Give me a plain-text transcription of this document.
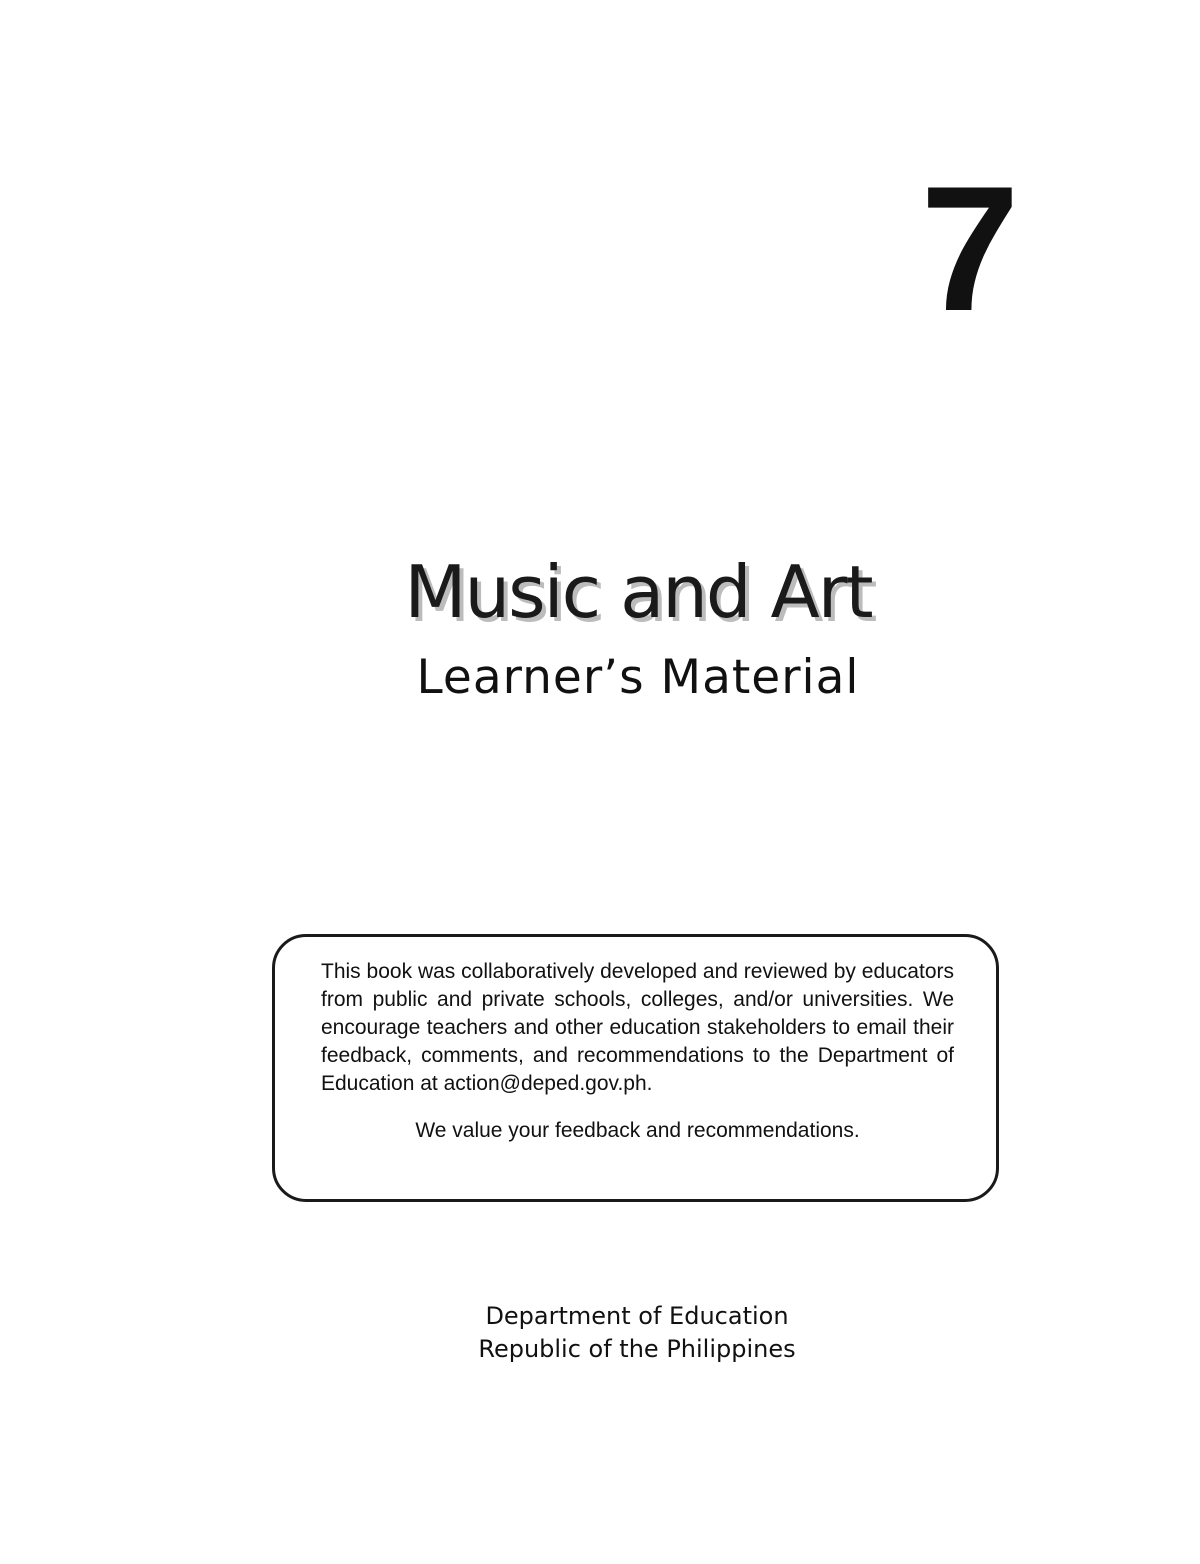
7
Music and Art
Learner’s Material

This book was collaboratively developed and reviewed by educators from public and private schools, colleges, and/or universities. We encourage teachers and other education stakeholders to email their feedback, comments, and recommendations to the Department of Education at action@deped.gov.ph.

We value your feedback and recommendations.

Department of Education
Republic of the Philippines
